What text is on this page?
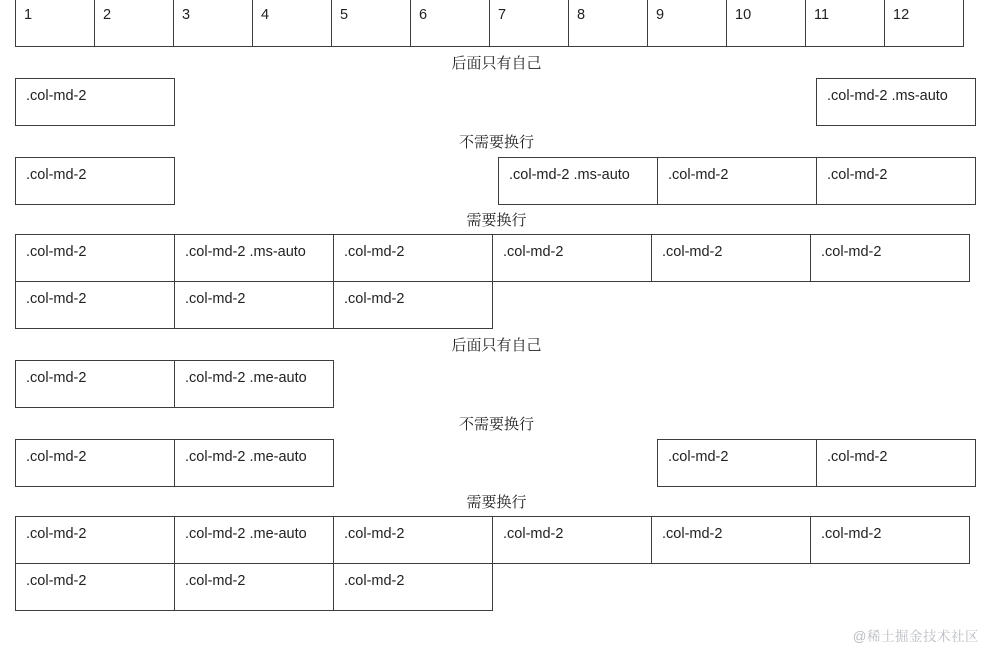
1	2	3	4	5	6	7	8	9	10	11	12
后面只有自己
.col-md-2	.col-md-2 .ms-auto
不需要换行
.col-md-2	.col-md-2 .ms-auto	.col-md-2	.col-md-2
需要换行
.col-md-2	.col-md-2 .ms-auto	.col-md-2	.col-md-2	.col-md-2	.col-md-2
.col-md-2	.col-md-2	.col-md-2
后面只有自己
.col-md-2	.col-md-2 .me-auto
不需要换行
.col-md-2	.col-md-2 .me-auto	.col-md-2	.col-md-2
需要换行
.col-md-2	.col-md-2 .me-auto	.col-md-2	.col-md-2	.col-md-2	.col-md-2
.col-md-2	.col-md-2	.col-md-2
@稀土掘金技术社区
